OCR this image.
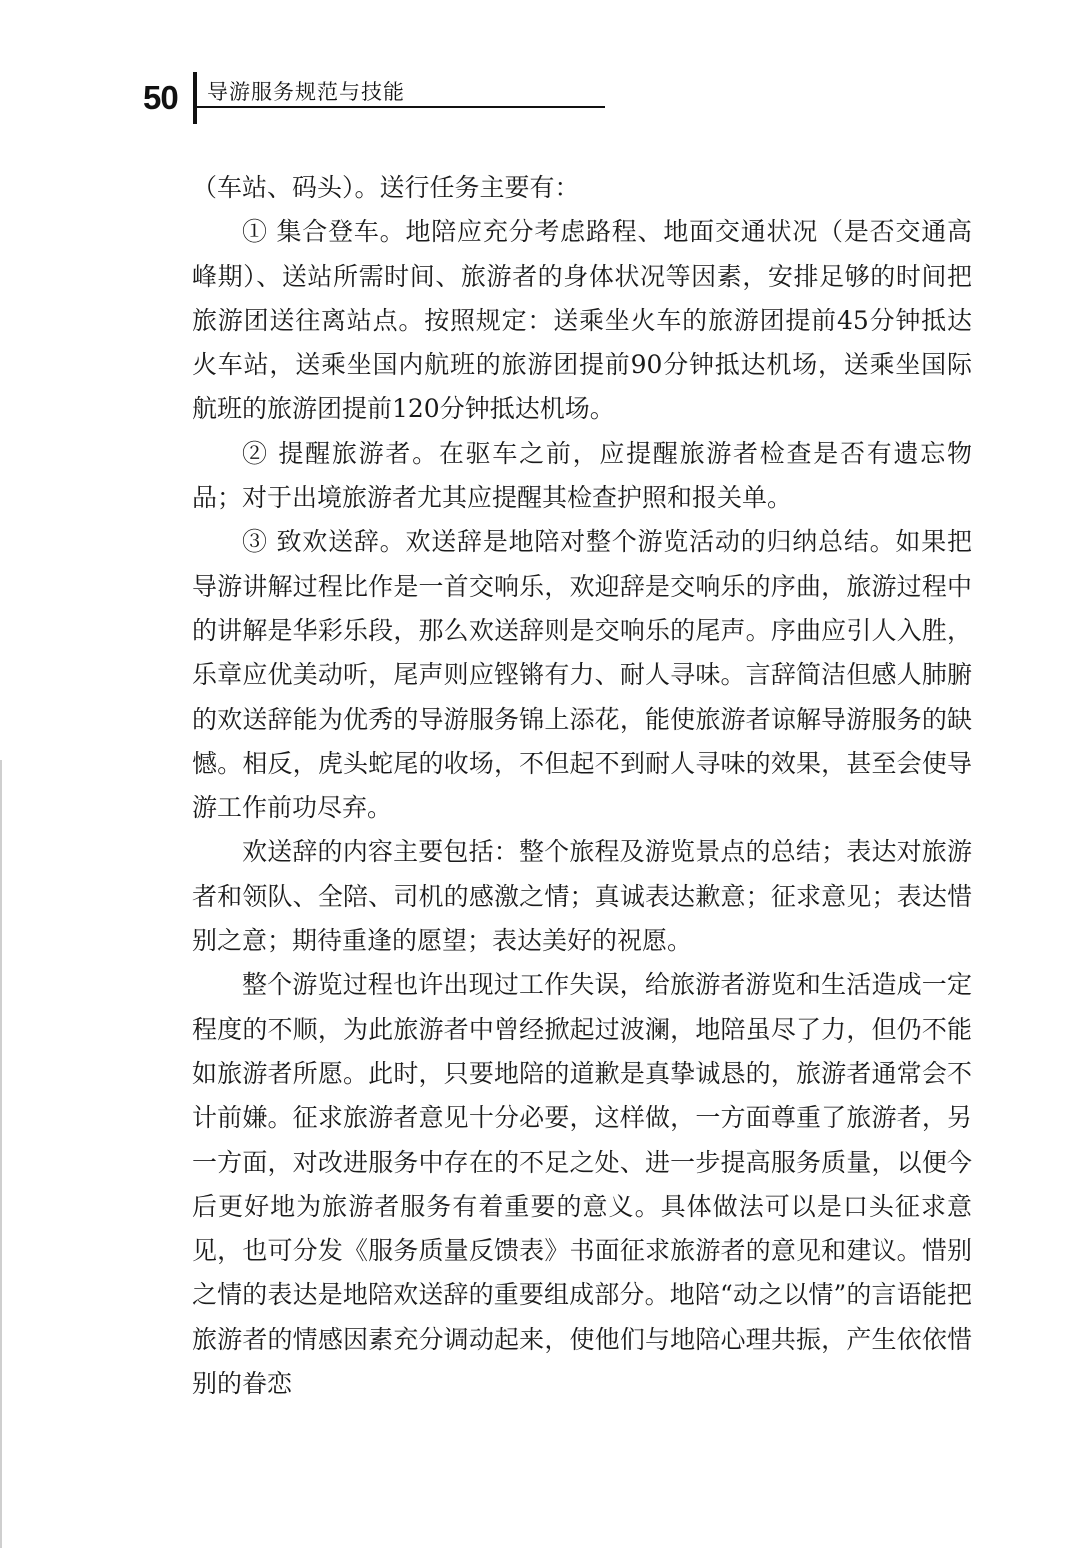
50 导游服务规范与技能

（车站、码头）。送行任务主要有：

① 集合登车。地陪应充分考虑路程、地面交通状况（是否交通高峰期）、送站所需时间、旅游者的身体状况等因素，安排足够的时间把旅游团送往离站点。按照规定：送乘坐火车的旅游团提前45分钟抵达火车站，送乘坐国内航班的旅游团提前90分钟抵达机场，送乘坐国际航班的旅游团提前120分钟抵达机场。

② 提醒旅游者。在驱车之前，应提醒旅游者检查是否有遗忘物品；对于出境旅游者尤其应提醒其检查护照和报关单。

③ 致欢送辞。欢送辞是地陪对整个游览活动的归纳总结。如果把导游讲解过程比作是一首交响乐，欢迎辞是交响乐的序曲，旅游过程中的讲解是华彩乐段，那么欢送辞则是交响乐的尾声。序曲应引人入胜，乐章应优美动听，尾声则应铿锵有力、耐人寻味。言辞简洁但感人肺腑的欢送辞能为优秀的导游服务锦上添花，能使旅游者谅解导游服务的缺憾。相反，虎头蛇尾的收场，不但起不到耐人寻味的效果，甚至会使导游工作前功尽弃。

欢送辞的内容主要包括：整个旅程及游览景点的总结；表达对旅游者和领队、全陪、司机的感激之情；真诚表达歉意；征求意见；表达惜别之意；期待重逢的愿望；表达美好的祝愿。

整个游览过程也许出现过工作失误，给旅游者游览和生活造成一定程度的不顺，为此旅游者中曾经掀起过波澜，地陪虽尽了力，但仍不能如旅游者所愿。此时，只要地陪的道歉是真挚诚恳的，旅游者通常会不计前嫌。征求旅游者意见十分必要，这样做，一方面尊重了旅游者，另一方面，对改进服务中存在的不足之处、进一步提高服务质量，以便今后更好地为旅游者服务有着重要的意义。具体做法可以是口头征求意见，也可分发《服务质量反馈表》书面征求旅游者的意见和建议。惜别之情的表达是地陪欢送辞的重要组成部分。地陪“动之以情”的言语能把旅游者的情感因素充分调动起来，使他们与地陪心理共振，产生依依惜别的眷恋
